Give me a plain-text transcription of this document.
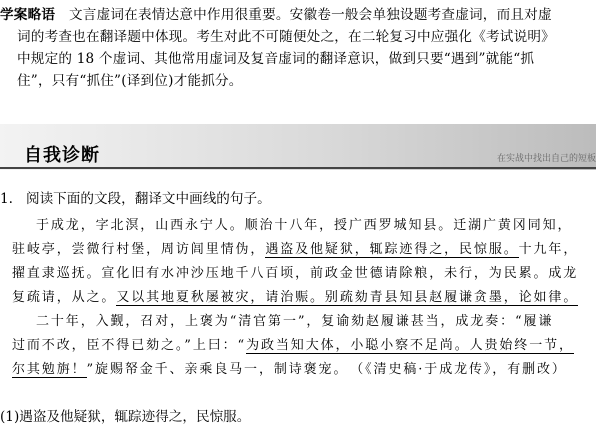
学案略语　 文言虚词在表情达意中作用很重要。安徽卷一般会单独设题考查虚词，而且对虚
词的考查也在翻译题中体现。考生对此不可随便处之，在二轮复习中应强化《考试说明》
中规定的 18 个虚词、其他常用虚词及复音虚词的翻译意识，做到只要“遇到”就能“抓
住”，只有“抓住”(译到位)才能抓分。
自我诊断	在实战中找出自己的短板
1. 阅读下面的文段，翻译文中画线的句子。
于成龙，字北溟，山西永宁人。顺治十八年，授广西罗城知县。迁湖广黄冈同知，
驻岐亭，尝微行村堡，周访闾里情伪，遇盗及他疑狱，辄踪迹得之，民惊服。十九年，
擢直隶巡抚。宣化旧有水冲沙压地千八百顷，前政金世德请除粮，未行，为民累。成龙
复疏请，从之。又以其地夏秋屡被灾，请治赈。别疏劾青县知县赵履谦贪墨，论如律。
二十年，入觐，召对，上褒为“清官第一”，复谕劾赵履谦甚当，成龙奏：“履谦
过而不改，臣不得已劾之。”上曰：“为政当知大体，小聪小察不足尚。人贵始终一节，
尔其勉旃！”旋赐帑金千、亲乘良马一，制诗褒宠。　（《清史稿·于成龙传》，有删改）
(1)遇盗及他疑狱，辄踪迹得之，民惊服。
